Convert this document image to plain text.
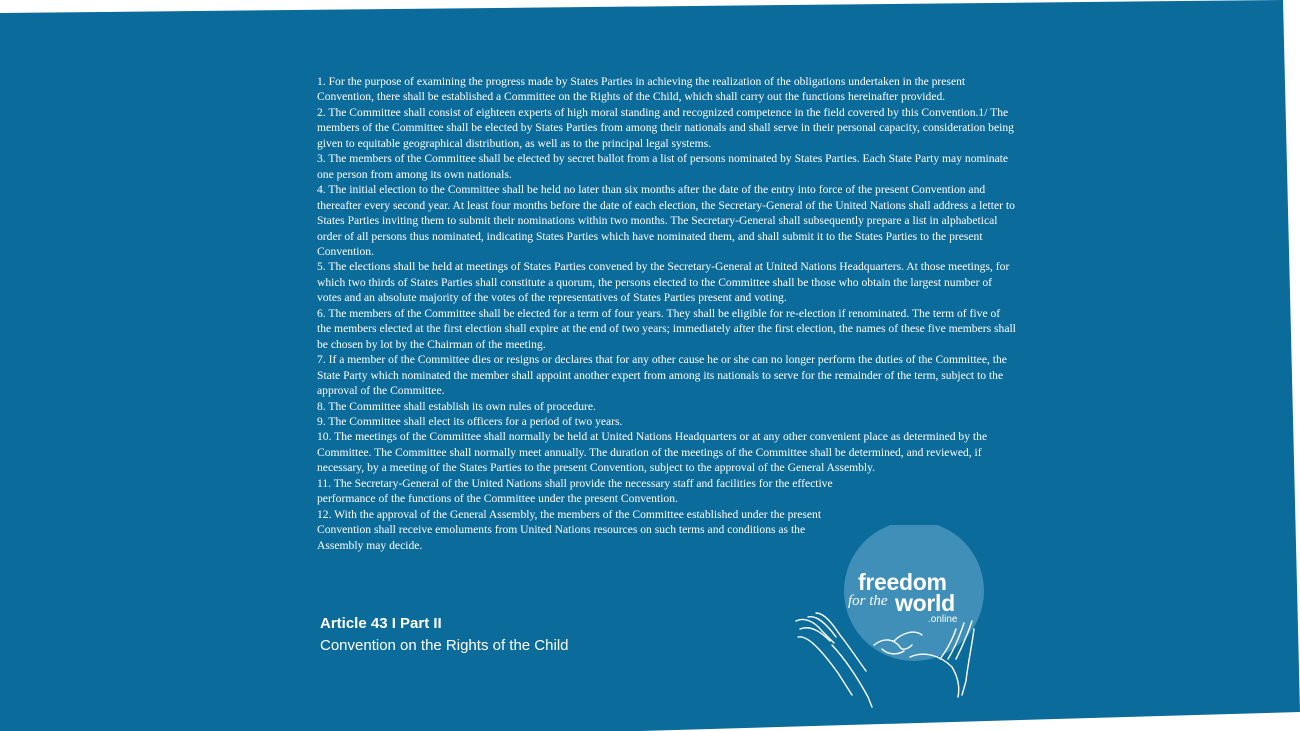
1. For the purpose of examining the progress made by States Parties in achieving the realization of the obligations undertaken in the present Convention, there shall be established a Committee on the Rights of the Child, which shall carry out the functions hereinafter provided.
2. The Committee shall consist of eighteen experts of high moral standing and recognized competence in the field covered by this Convention.1/ The members of the Committee shall be elected by States Parties from among their nationals and shall serve in their personal capacity, consideration being given to equitable geographical distribution, as well as to the principal legal systems.
3. The members of the Committee shall be elected by secret ballot from a list of persons nominated by States Parties. Each State Party may nominate one person from among its own nationals.
4. The initial election to the Committee shall be held no later than six months after the date of the entry into force of the present Convention and thereafter every second year. At least four months before the date of each election, the Secretary-General of the United Nations shall address a letter to States Parties inviting them to submit their nominations within two months. The Secretary-General shall subsequently prepare a list in alphabetical order of all persons thus nominated, indicating States Parties which have nominated them, and shall submit it to the States Parties to the present Convention.
5. The elections shall be held at meetings of States Parties convened by the Secretary-General at United Nations Headquarters. At those meetings, for which two thirds of States Parties shall constitute a quorum, the persons elected to the Committee shall be those who obtain the largest number of votes and an absolute majority of the votes of the representatives of States Parties present and voting.
6. The members of the Committee shall be elected for a term of four years. They shall be eligible for re-election if renominated. The term of five of the members elected at the first election shall expire at the end of two years; immediately after the first election, the names of these five members shall be chosen by lot by the Chairman of the meeting.
7. If a member of the Committee dies or resigns or declares that for any other cause he or she can no longer perform the duties of the Committee, the State Party which nominated the member shall appoint another expert from among its nationals to serve for the remainder of the term, subject to the approval of the Committee.
8. The Committee shall establish its own rules of procedure.
9. The Committee shall elect its officers for a period of two years.
10. The meetings of the Committee shall normally be held at United Nations Headquarters or at any other convenient place as determined by the Committee. The Committee shall normally meet annually. The duration of the meetings of the Committee shall be determined, and reviewed, if necessary, by a meeting of the States Parties to the present Convention, subject to the approval of the General Assembly.
11. The Secretary-General of the United Nations shall provide the necessary staff and facilities for the effective performance of the functions of the Committee under the present Convention.
12. With the approval of the General Assembly, the members of the Committee established under the present Convention shall receive emoluments from United Nations resources on such terms and conditions as the Assembly may decide.
Article 43 I Part II
Convention on the Rights of the Child
freedom
for the world
.online
